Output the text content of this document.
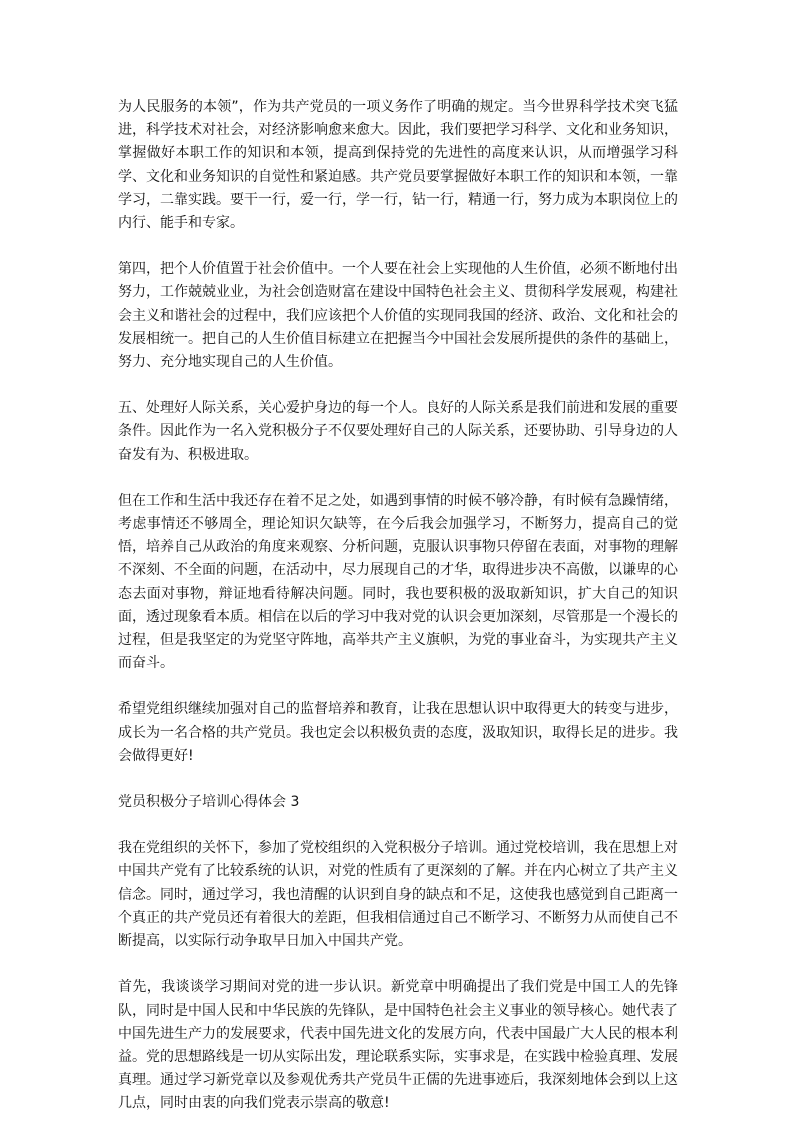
为人民服务的本领”，作为共产党员的一项义务作了明确的规定。当今世界科学技术突飞猛进，科学技术对社会，对经济影响愈来愈大。因此，我们要把学习科学、文化和业务知识，掌握做好本职工作的知识和本领，提高到保持党的先进性的高度来认识，从而增强学习科学、文化和业务知识的自觉性和紧迫感。共产党员要掌握做好本职工作的知识和本领，一靠学习，二靠实践。要干一行，爱一行，学一行，钻一行，精通一行，努力成为本职岗位上的内行、能手和专家。

第四，把个人价值置于社会价值中。一个人要在社会上实现他的人生价值，必须不断地付出努力，工作兢兢业业，为社会创造财富在建设中国特色社会主义、贯彻科学发展观，构建社会主义和谐社会的过程中，我们应该把个人价值的实现同我国的经济、政治、文化和社会的发展相统一。把自己的人生价值目标建立在把握当今中国社会发展所提供的条件的基础上，努力、充分地实现自己的人生价值。

五、处理好人际关系，关心爱护身边的每一个人。良好的人际关系是我们前进和发展的重要条件。因此作为一名入党积极分子不仅要处理好自己的人际关系，还要协助、引导身边的人奋发有为、积极进取。

但在工作和生活中我还存在着不足之处，如遇到事情的时候不够冷静，有时候有急躁情绪，考虑事情还不够周全，理论知识欠缺等，在今后我会加强学习，不断努力，提高自己的觉悟，培养自己从政治的角度来观察、分析问题，克服认识事物只停留在表面，对事物的理解不深刻、不全面的问题，在活动中，尽力展现自己的才华，取得进步决不高傲，以谦卑的心态去面对事物，辩证地看待解决问题。同时，我也要积极的汲取新知识，扩大自己的知识面，透过现象看本质。相信在以后的学习中我对党的认识会更加深刻，尽管那是一个漫长的过程，但是我坚定的为党坚守阵地，高举共产主义旗帜，为党的事业奋斗，为实现共产主义而奋斗。

希望党组织继续加强对自己的监督培养和教育，让我在思想认识中取得更大的转变与进步，成长为一名合格的共产党员。我也定会以积极负责的态度，汲取知识，取得长足的进步。我会做得更好!

党员积极分子培训心得体会 3

我在党组织的关怀下，参加了党校组织的入党积极分子培训。通过党校培训，我在思想上对中国共产党有了比较系统的认识，对党的性质有了更深刻的了解。并在内心树立了共产主义信念。同时，通过学习，我也清醒的认识到自身的缺点和不足，这使我也感觉到自己距离一个真正的共产党员还有着很大的差距，但我相信通过自己不断学习、不断努力从而使自己不断提高，以实际行动争取早日加入中国共产党。

首先，我谈谈学习期间对党的进一步认识。新党章中明确提出了我们党是中国工人的先锋队，同时是中国人民和中华民族的先锋队，是中国特色社会主义事业的领导核心。她代表了中国先进生产力的发展要求，代表中国先进文化的发展方向，代表中国最广大人民的根本利益。党的思想路线是一切从实际出发，理论联系实际，实事求是，在实践中检验真理、发展真理。通过学习新党章以及参观优秀共产党员牛正儒的先进事迹后，我深刻地体会到以上这几点，同时由衷的向我们党表示崇高的敬意!
